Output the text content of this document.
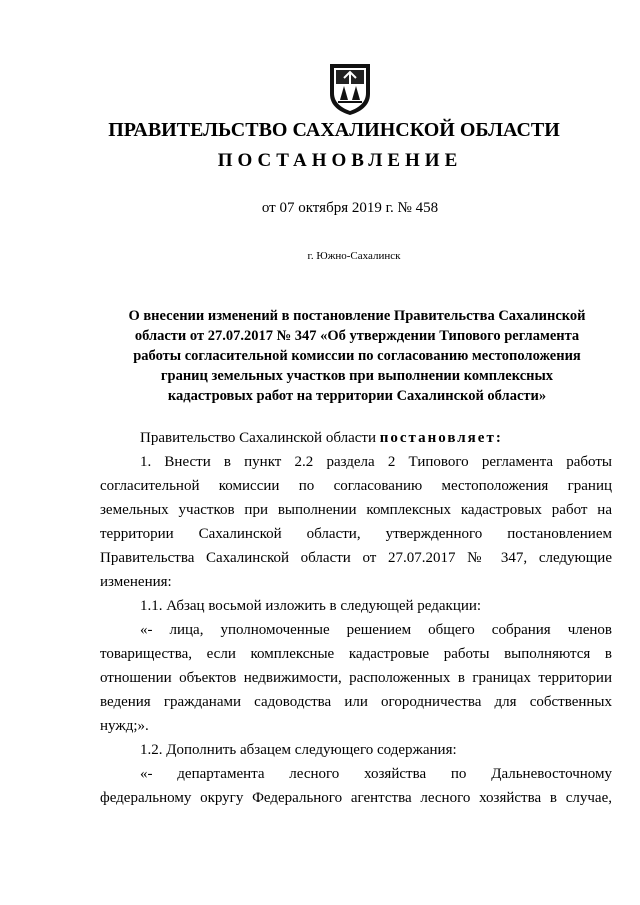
ПРАВИТЕЛЬСТВО САХАЛИНСКОЙ ОБЛАСТИ
ПОСТАНОВЛЕНИЕ
от 07 октября 2019 г. № 458
г. Южно-Сахалинск
О внесении изменений в постановление Правительства Сахалинской
области от 27.07.2017 № 347 «Об утверждении Типового регламента
работы согласительной комиссии по согласованию местоположения
границ земельных участков при выполнении комплексных
кадастровых работ на территории Сахалинской области»
Правительство Сахалинской области постановляет:
1. Внести в пункт 2.2 раздела 2 Типового регламента работы
согласительной комиссии по согласованию местоположения границ
земельных участков при выполнении комплексных кадастровых работ на
территории Сахалинской области, утвержденного постановлением
Правительства Сахалинской области от 27.07.2017 № 347, следующие
изменения:
1.1. Абзац восьмой изложить в следующей редакции:
«- лица, уполномоченные решением общего собрания членов
товарищества, если комплексные кадастровые работы выполняются в
отношении объектов недвижимости, расположенных в границах территории
ведения гражданами садоводства или огородничества для собственных
нужд;».
1.2. Дополнить абзацем следующего содержания:
«- департамента лесного хозяйства по Дальневосточному
федеральному округу Федерального агентства лесного хозяйства в случае,
